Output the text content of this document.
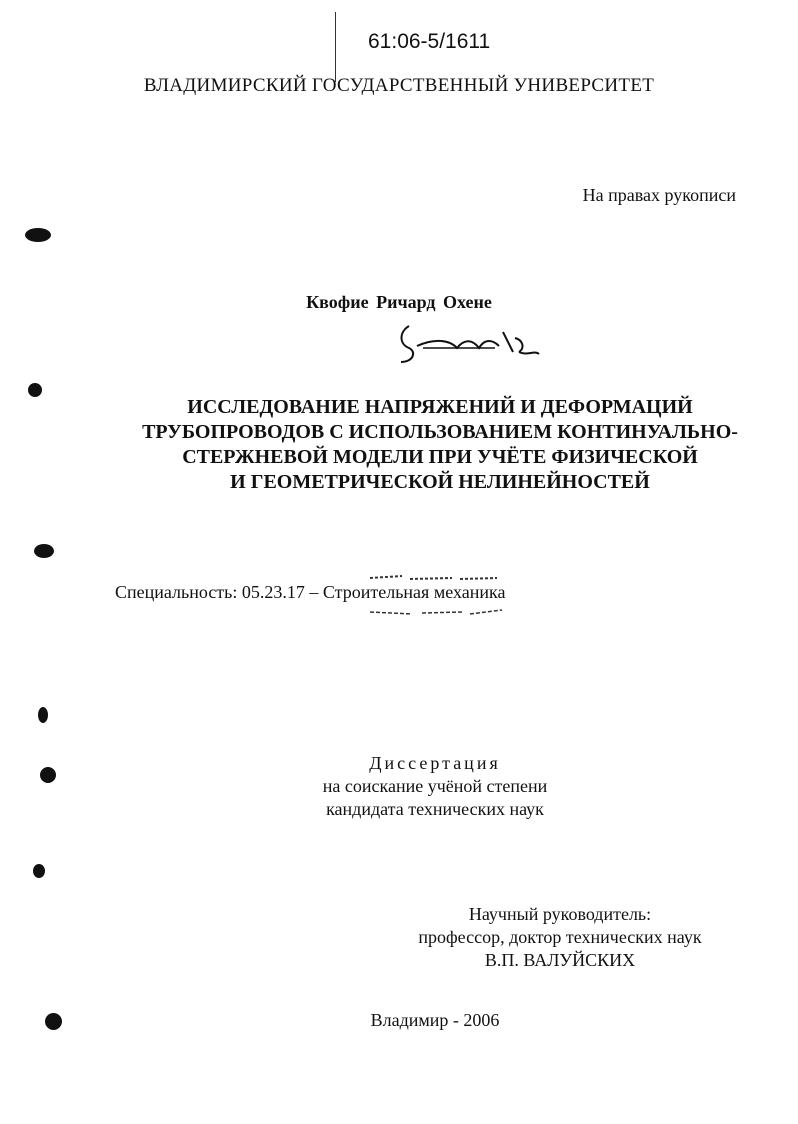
61:06-5/1611
ВЛАДИМИРСКИЙ ГОСУДАРСТВЕННЫЙ УНИВЕРСИТЕТ
На правах рукописи
Квофие Ричард Охене
ИССЛЕДОВАНИЕ НАПРЯЖЕНИЙ И ДЕФОРМАЦИЙ
ТРУБОПРОВОДОВ С ИСПОЛЬЗОВАНИЕМ КОНТИНУАЛЬНО-
СТЕРЖНЕВОЙ МОДЕЛИ ПРИ УЧЁТЕ ФИЗИЧЕСКОЙ
И ГЕОМЕТРИЧЕСКОЙ НЕЛИНЕЙНОСТЕЙ
Специальность: 05.23.17 – Строительная механика
Диссертация
на соискание учёной степени
кандидата технических наук
Научный руководитель:
профессор, доктор технических наук
В.П. ВАЛУЙСКИХ
Владимир - 2006
